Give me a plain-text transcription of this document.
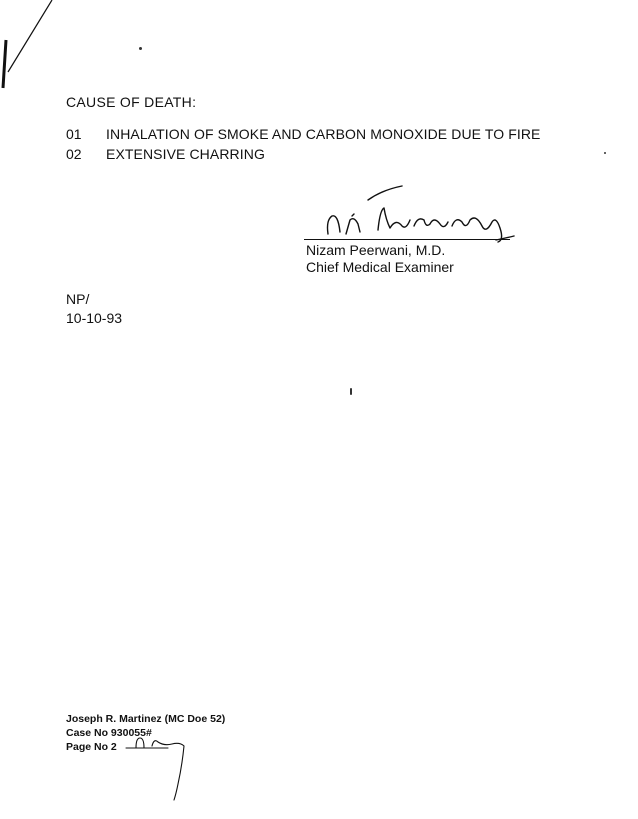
CAUSE OF DEATH:
01	INHALATION OF SMOKE AND CARBON MONOXIDE DUE TO FIRE
02	EXTENSIVE CHARRING
Nizam Peerwani, M.D.
Chief Medical Examiner
NP/
10-10-93
Joseph R. Martinez (MC Doe 52)
Case No 930055#
Page No 2
